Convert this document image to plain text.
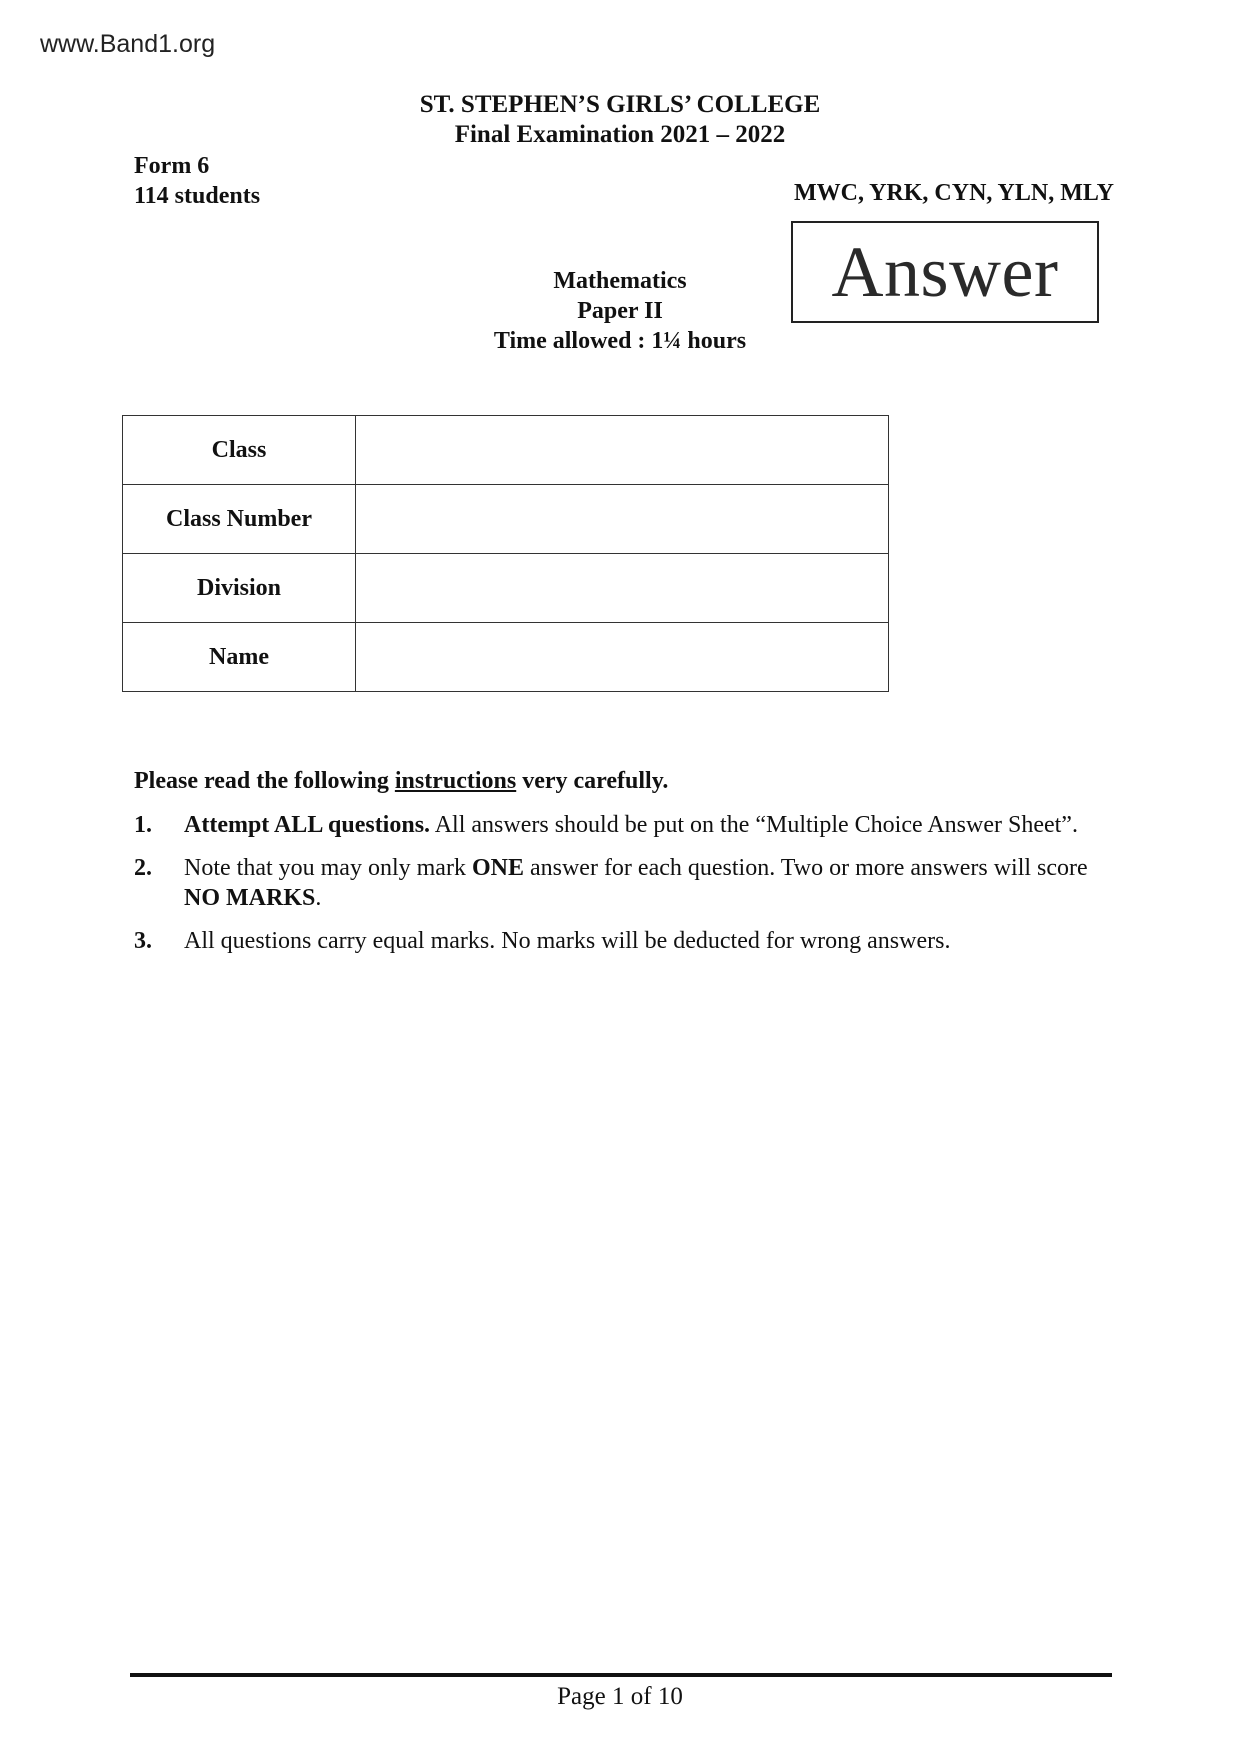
www.Band1.org
ST. STEPHEN’S GIRLS’ COLLEGE
Final Examination 2021 – 2022
Form 6
114 students	MWC, YRK, CYN, YLN, MLY
Answer
Mathematics
Paper II
Time allowed : 1¼ hours
Class	
Class Number	
Division	
Name	
Please read the following instructions very carefully.
1.	Attempt ALL questions. All answers should be put on the “Multiple Choice Answer Sheet”.
2.	Note that you may only mark ONE answer for each question. Two or more answers will score NO MARKS.
3.	All questions carry equal marks. No marks will be deducted for wrong answers.
Page 1 of 10
